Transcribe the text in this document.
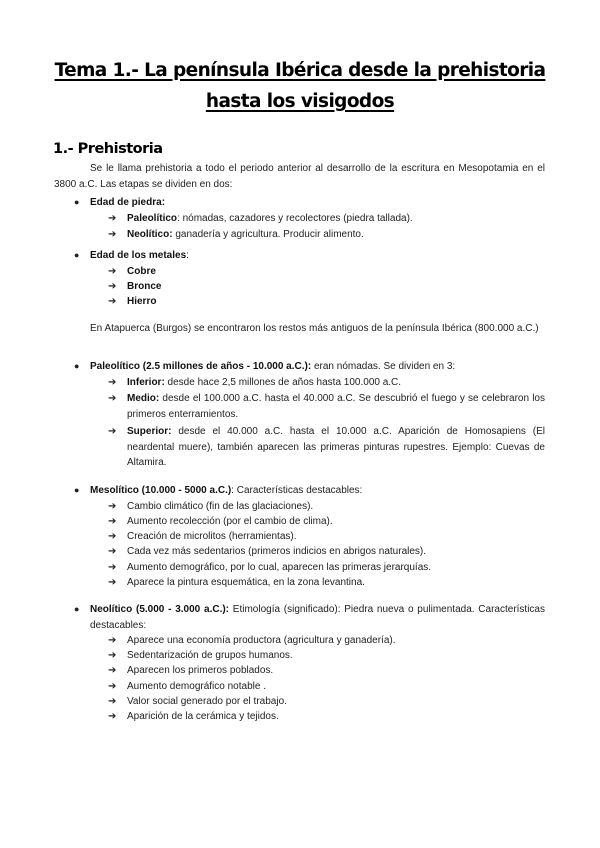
Tema 1.- La península Ibérica desde la prehistoria
hasta los visigodos
1.- Prehistoria
Se le llama prehistoria a todo el periodo anterior al desarrollo de la escritura en Mesopotamia en el 3800 a.C. Las etapas se dividen en dos:
● Edad de piedra:
➔ Paleolítico: nómadas, cazadores y recolectores (piedra tallada).
➔ Neolítico: ganadería y agricultura. Producir alimento.
● Edad de los metales:
➔ Cobre
➔ Bronce
➔ Hierro
En Atapuerca (Burgos) se encontraron los restos más antiguos de la península Ibérica (800.000 a.C.)
● Paleolítico (2.5 millones de años - 10.000 a.C.): eran nómadas. Se dividen en 3:
➔ Inferior: desde hace 2,5 millones de años hasta 100.000 a.C.
➔ Medio: desde el 100.000 a.C. hasta el 40.000 a.C. Se descubrió el fuego y se celebraron los primeros enterramientos.
➔ Superior: desde el 40.000 a.C. hasta el 10.000 a.C. Aparición de Homosapiens (El neardental muere), también aparecen las primeras pinturas rupestres. Ejemplo: Cuevas de Altamira.
● Mesolítico (10.000 - 5000 a.C.): Características destacables:
➔ Cambio climático (fin de las glaciaciones).
➔ Aumento recolección (por el cambio de clima).
➔ Creación de microlitos (herramientas).
➔ Cada vez más sedentarios (primeros indicios en abrigos naturales).
➔ Aumento demográfico, por lo cual, aparecen las primeras jerarquías.
➔ Aparece la pintura esquemática, en la zona levantina.
● Neolítico (5.000 - 3.000 a.C.): Etimología (significado): Piedra nueva o pulimentada. Características destacables:
➔ Aparece una economía productora (agricultura y ganadería).
➔ Sedentarización de grupos humanos.
➔ Aparecen los primeros poblados.
➔ Aumento demográfico notable .
➔ Valor social generado por el trabajo.
➔ Aparición de la cerámica y tejidos.
